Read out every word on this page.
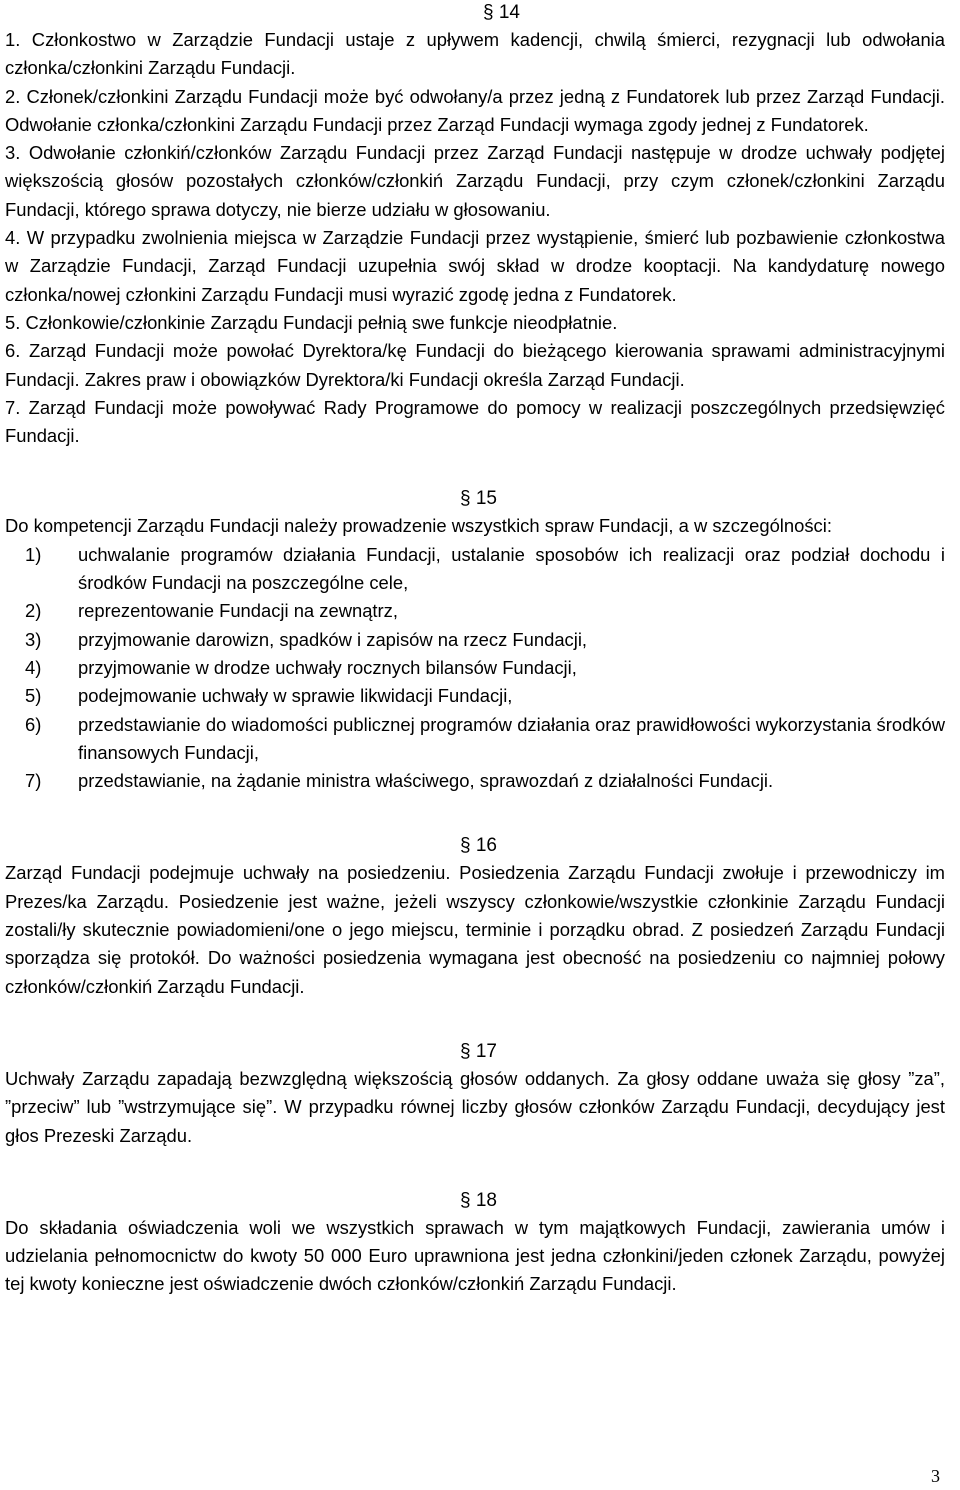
§ 14

1. Członkostwo w Zarządzie Fundacji ustaje z upływem kadencji, chwilą śmierci, rezygnacji lub odwołania członka/członkini Zarządu Fundacji.

2. Członek/członkini Zarządu Fundacji może być odwołany/a przez jedną z Fundatorek lub przez Zarząd Fundacji. Odwołanie członka/członkini Zarządu Fundacji przez Zarząd Fundacji wymaga zgody jednej z Fundatorek.

3. Odwołanie członkiń/członków Zarządu Fundacji przez Zarząd Fundacji następuje w drodze uchwały podjętej większością głosów pozostałych członków/członkiń Zarządu Fundacji, przy czym członek/członkini Zarządu Fundacji, którego sprawa dotyczy, nie bierze udziału w głosowaniu.

4. W przypadku zwolnienia miejsca w Zarządzie Fundacji przez wystąpienie, śmierć lub pozbawienie członkostwa w Zarządzie Fundacji, Zarząd Fundacji uzupełnia swój skład w drodze kooptacji. Na kandydaturę nowego członka/nowej członkini Zarządu Fundacji musi wyrazić zgodę jedna z Fundatorek.

5. Członkowie/członkinie Zarządu Fundacji pełnią swe funkcje nieodpłatnie.

6. Zarząd Fundacji może powołać Dyrektora/kę Fundacji do bieżącego kierowania sprawami administracyjnymi Fundacji. Zakres praw i obowiązków Dyrektora/ki Fundacji określa Zarząd Fundacji.

7. Zarząd Fundacji może powoływać Rady Programowe do pomocy w realizacji poszczególnych przedsięwzięć Fundacji.

§ 15

Do kompetencji Zarządu Fundacji należy prowadzenie wszystkich spraw Fundacji, a w szczególności:

1) uchwalanie programów działania Fundacji, ustalanie sposobów ich realizacji oraz podział dochodu i środków Fundacji na poszczególne cele,
2) reprezentowanie Fundacji na zewnątrz,
3) przyjmowanie darowizn, spadków i zapisów na rzecz Fundacji,
4) przyjmowanie w drodze uchwały rocznych bilansów Fundacji,
5) podejmowanie uchwały w sprawie likwidacji Fundacji,
6) przedstawianie do wiadomości publicznej programów działania oraz prawidłowości wykorzystania środków finansowych Fundacji,
7) przedstawianie, na żądanie ministra właściwego, sprawozdań z działalności Fundacji.

§ 16

Zarząd Fundacji podejmuje uchwały na posiedzeniu. Posiedzenia Zarządu Fundacji zwołuje i przewodniczy im Prezes/ka Zarządu. Posiedzenie jest ważne, jeżeli wszyscy członkowie/wszystkie członkinie Zarządu Fundacji zostali/ły skutecznie powiadomieni/one o jego miejscu, terminie i porządku obrad. Z posiedzeń Zarządu Fundacji sporządza się protokół. Do ważności posiedzenia wymagana jest obecność na posiedzeniu co najmniej połowy członków/członkiń Zarządu Fundacji.

§ 17

Uchwały Zarządu zapadają bezwzględną większością głosów oddanych. Za głosy oddane uważa się głosy ”za”, ”przeciw” lub ”wstrzymujące się”. W przypadku równej liczby głosów członków Zarządu Fundacji, decydujący jest głos Prezeski Zarządu.

§ 18

Do składania oświadczenia woli we wszystkich sprawach w tym majątkowych Fundacji, zawierania umów i udzielania pełnomocnictw do kwoty 50 000 Euro uprawniona jest jedna członkini/jeden członek Zarządu, powyżej tej kwoty konieczne jest oświadczenie dwóch członków/członkiń Zarządu Fundacji.

3
